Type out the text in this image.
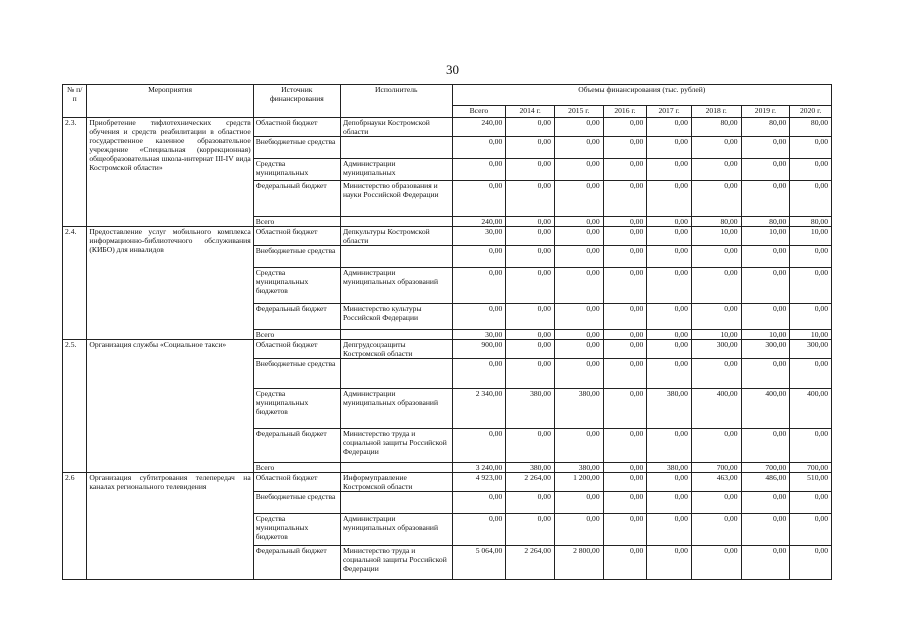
30
№ п/п	Мероприятия	Источник финансирования	Исполнитель	Объемы финансирования (тыс. рублей)							
				Всего	2014 г.	2015 г.	2016 г.	2017 г.	2018 г.	2019 г.	2020 г.
2.3.	Приобретение тифлотехнических средств обучения и средств реабилитации в областное государственное казенное образовательное учреждение «Специальная (коррекционная) общеобразовательная школа-интернат III-IV вида Костромской области»	Областной бюджет	Депобрнауки Костромской области	240,00	0,00	0,00	0,00	0,00	80,00	80,00	80,00
		Внебюджетные средства		0,00	0,00	0,00	0,00	0,00	0,00	0,00	0,00
		Средства муниципальных	Администрации муниципальных	0,00	0,00	0,00	0,00	0,00	0,00	0,00	0,00
		Федеральный бюджет	Министерство образования и науки Российской Федерации	0,00	0,00	0,00	0,00	0,00	0,00	0,00	0,00
		Всего		240,00	0,00	0,00	0,00	0,00	80,00	80,00	80,00
2.4.	Предоставление услуг мобильного комплекса информационно-библиотечного обслуживания (КИБО) для инвалидов	Областной бюджет	Депкультуры Костромской области	30,00	0,00	0,00	0,00	0,00	10,00	10,00	10,00
		Внебюджетные средства		0,00	0,00	0,00	0,00	0,00	0,00	0,00	0,00
		Средства муниципальных бюджетов	Администрации муниципальных образований	0,00	0,00	0,00	0,00	0,00	0,00	0,00	0,00
		Федеральный бюджет	Министерство культуры Российской Федерации	0,00	0,00	0,00	0,00	0,00	0,00	0,00	0,00
		Всего		30,00	0,00	0,00	0,00	0,00	10,00	10,00	10,00
2.5.	Организация службы «Социальное такси»	Областной бюджет	Депгрудсоцзащиты Костромской области	900,00	0,00	0,00	0,00	0,00	300,00	300,00	300,00
		Внебюджетные средства		0,00	0,00	0,00	0,00	0,00	0,00	0,00	0,00
		Средства муниципальных бюджетов	Администрации муниципальных образований	2 340,00	380,00	380,00	0,00	380,00	400,00	400,00	400,00
		Федеральный бюджет	Министерство труда и социальной защиты Российской Федерации	0,00	0,00	0,00	0,00	0,00	0,00	0,00	0,00
		Всего		3 240,00	380,00	380,00	0,00	380,00	700,00	700,00	700,00
2.6	Организация субтитрования телепередач на каналах регионального телевидения	Областной бюджет	Информуправление Костромской области	4 923,00	2 264,00	1 200,00	0,00	0,00	463,00	486,00	510,00
		Внебюджетные средства		0,00	0,00	0,00	0,00	0,00	0,00	0,00	0,00
		Средства муниципальных бюджетов	Администрации муниципальных образований	0,00	0,00	0,00	0,00	0,00	0,00	0,00	0,00
		Федеральный бюджет	Министерство труда и социальной защиты Российской Федерации	5 064,00	2 264,00	2 800,00	0,00	0,00	0,00	0,00	0,00
